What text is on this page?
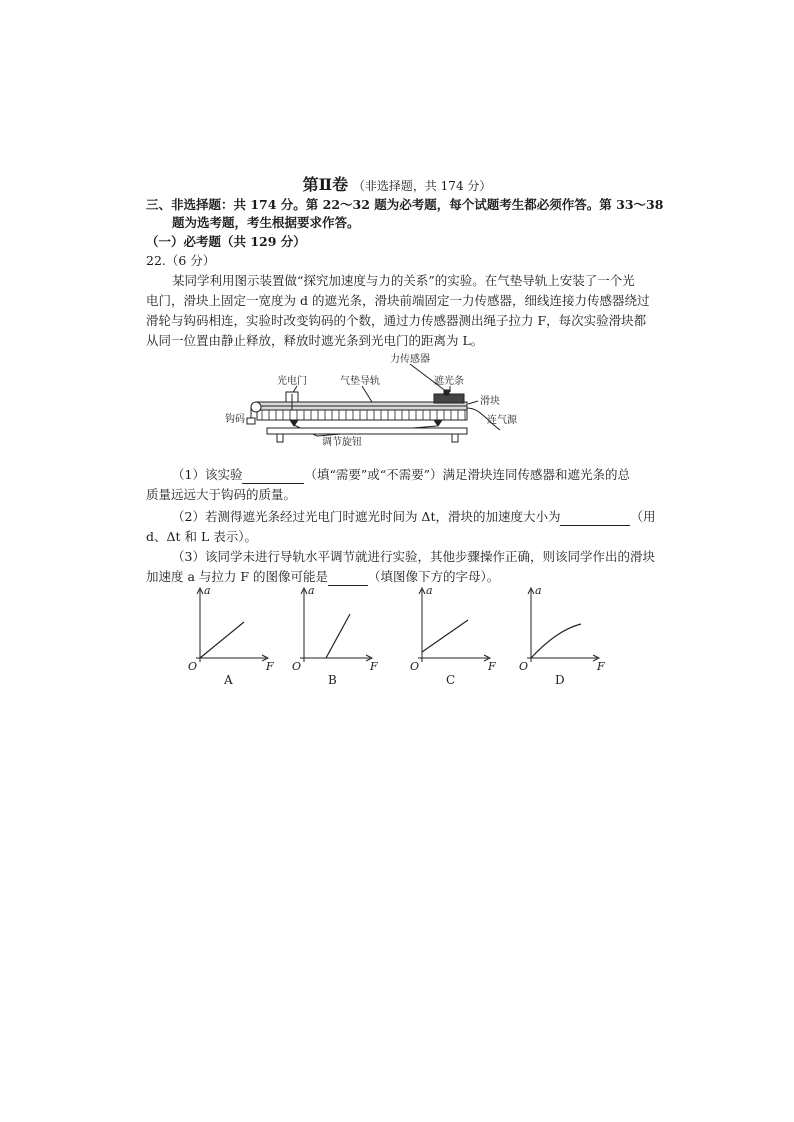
第Ⅱ卷 （非选择题，共 174 分）
三、非选择题：共 174 分。第 22～32 题为必考题，每个试题考生都必须作答。第 33～38
题为选考题，考生根据要求作答。
（一）必考题（共 129 分）
22.（6 分）
某同学利用图示装置做“探究加速度与力的关系”的实验。在气垫导轨上安装了一个光
电门，滑块上固定一宽度为 d 的遮光条，滑块前端固定一力传感器，细线连接力传感器绕过
滑轮与钩码相连，实验时改变钩码的个数，通过力传感器测出绳子拉力 F，每次实验滑块都
从同一位置由静止释放，释放时遮光条到光电门的距离为 L。
力传感器
光电门	气垫导轨	遮光条
滑块
钩码	连气源
调节旋钮
（1）该实验	（填“需要”或“不需要”）满足滑块连同传感器和遮光条的总
质量远远大于钩码的质量。
（2）若测得遮光条经过光电门时遮光时间为 Δt，滑块的加速度大小为	（用
d、Δt 和 L 表示）。
（3）该同学未进行导轨水平调节就进行实验，其他步骤操作正确，则该同学作出的滑块
加速度 a 与拉力 F 的图像可能是	（填图像下方的字母）。
a
F
O
A
a
F
O
B
a
F
O
C
a
F
O
D
